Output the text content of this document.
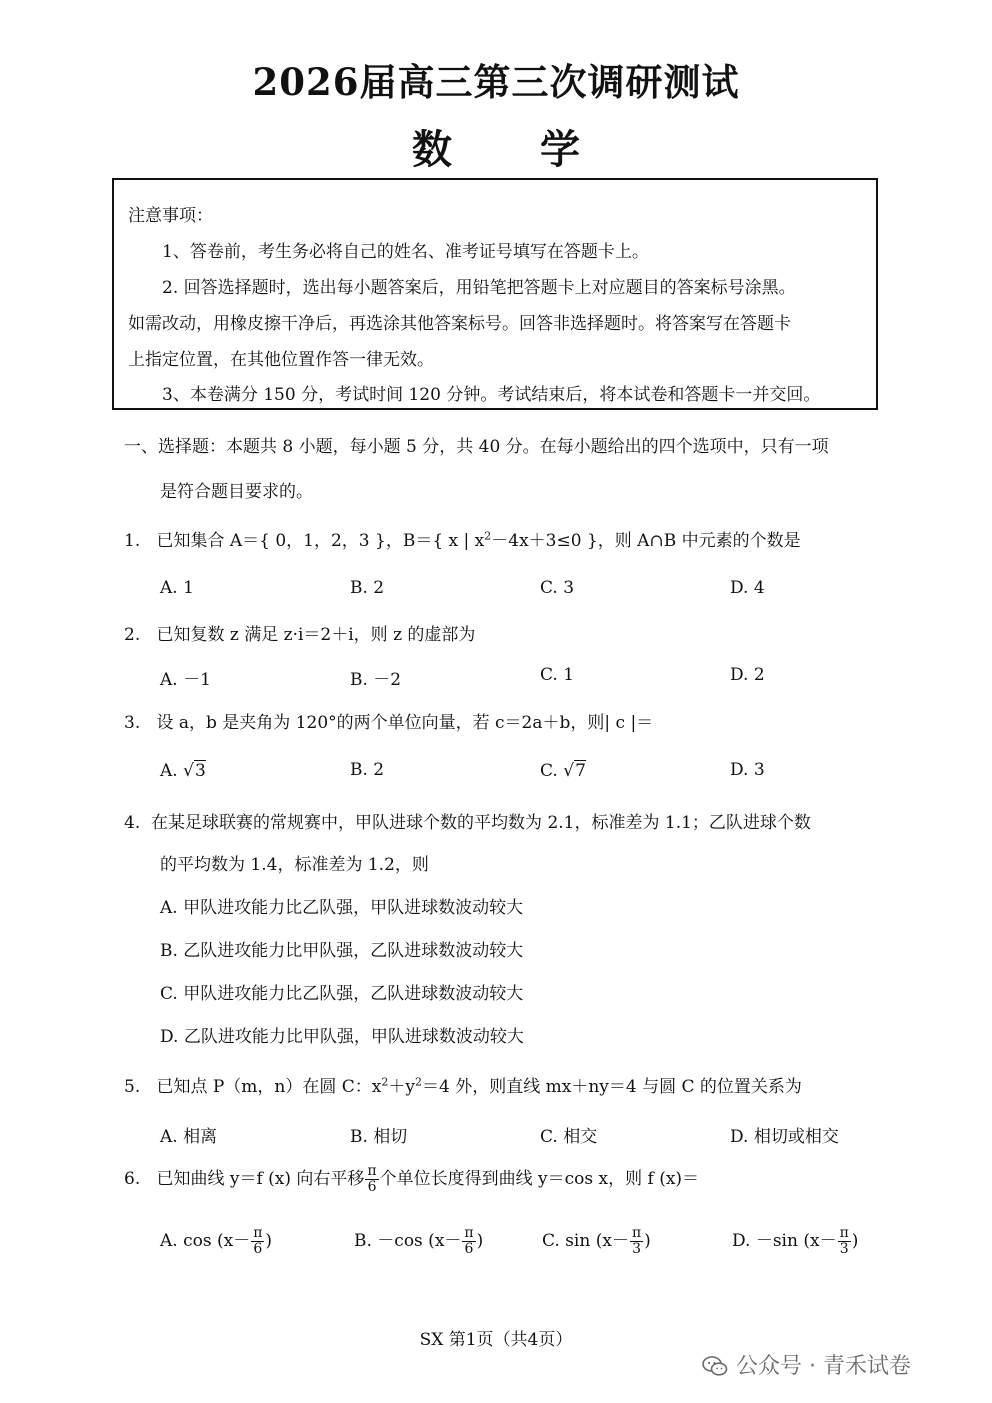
2026届高三第三次调研测试
数 学
注意事项：
1、答卷前，考生务必将自己的姓名、准考证号填写在答题卡上。
2. 回答选择题时，选出每小题答案后，用铅笔把答题卡上对应题目的答案标号涂黑。
如需改动，用橡皮擦干净后，再选涂其他答案标号。回答非选择题时。将答案写在答题卡
上指定位置，在其他位置作答一律无效。
3、本卷满分 150 分，考试时间 120 分钟。考试结束后，将本试卷和答题卡一并交回。
一、选择题：本题共 8 小题，每小题 5 分，共 40 分。在每小题给出的四个选项中，只有一项
是符合题目要求的。
1. 已知集合 A＝{ 0，1，2，3 }，B＝{ x | $x^2-4x+3\le 0$ }，则 A∩B 中元素的个数是
A. 1	B. 2	C. 3	D. 4
2. 已知复数 z 满足 z·i＝2＋i，则 z 的虚部为
A. －1	B. －2	C. 1	D. 2
3. 设 a，b 是夹角为 120°的两个单位向量，若 c＝2a＋b，则| c |＝
A. √3	B. 2	C. √7	D. 3
4. 在某足球联赛的常规赛中，甲队进球个数的平均数为 2.1，标准差为 1.1；乙队进球个数
的平均数为 1.4，标准差为 1.2，则
A. 甲队进攻能力比乙队强，甲队进球数波动较大
B. 乙队进攻能力比甲队强，乙队进球数波动较大
C. 甲队进攻能力比乙队强，乙队进球数波动较大
D. 乙队进攻能力比甲队强，甲队进球数波动较大
5. 已知点 P（m，n）在圆 C：$x^2+y^2=4$ 外，则直线 mx＋ny＝4 与圆 C 的位置关系为
A. 相离	B. 相切	C. 相交	D. 相切或相交
6. 已知曲线 y＝f (x) 向右平移 $\frac{\pi}{6}$ 个单位长度得到曲线 y＝cos x，则 f (x)＝
A. $\cos (x- \frac{\pi}{6}$ )	B. －cos ($x- \frac{\pi}{6}$ )	C. $\sin (x- \frac{\pi}{3}$ )	D. －sin ($x- \frac{\pi}{3}$ )
SX 第1页（共4页）
公众号 · 青禾试卷
